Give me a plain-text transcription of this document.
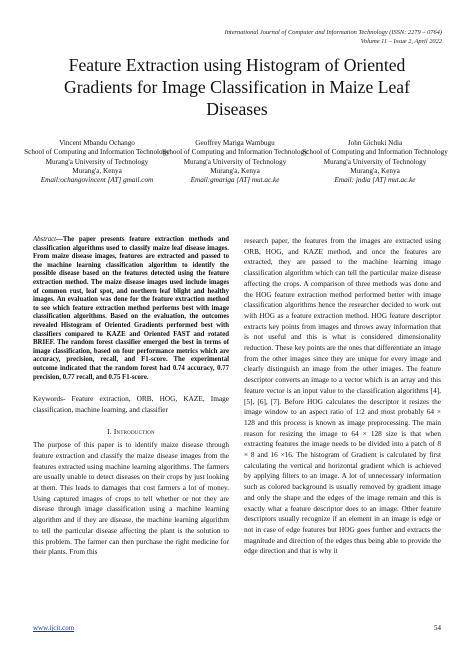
International Journal of Computer and Information Technology (ISSN: 2279 – 0764)
Volume 11 – Issue 2, April 2022
Feature Extraction using Histogram of Oriented Gradients for Image Classification in Maize Leaf Diseases
Vincent Mbandu Ochango
School of Computing and Information Technology
Murang'a University of Technology
Murang'a, Kenya
Email:ochangovincent [AT] gmail.com
Geoffrey Mariga Wambugu
School of Computing and Information Technology
Murang'a University of Technology
Murang'a, Kenya
Email:gmariga [AT] mut.ac.ke
John Gichuki Ndia
School of Computing and Information Technology
Murang'a University of Technology
Murang'a, Kenya
Email: jndia [AT] mut.ac.ke
Abstract—The paper presents feature extraction methods and classification algorithms used to classify maize leaf disease images. From maize disease images, features are extracted and passed to the machine learning classification algorithm to identify the possible disease based on the features detected using the feature extraction method. The maize disease images used include images of common rust, leaf spot, and northern leaf blight and healthy images. An evaluation was done for the feature extraction method to see which feature extraction method performs best with image classification algorithms. Based on the evaluation, the outcomes revealed Histogram of Oriented Gradients performed best with classifiers compared to KAZE and Oriented FAST and rotated BRIEF. The random forest classifier emerged the best in terms of image classification, based on four performance metrics which are accuracy, precision, recall, and F1-score. The experimental outcome indicated that the random forest had 0.74 accuracy, 0.77 precision, 0.77 recall, and 0.75 F1-score.
Keywords- Feature extraction, ORB, HOG, KAZE, Image classification, machine learning, and classifier
I. Introduction

The purpose of this paper is to identify maize disease through feature extraction and classify the maize disease images from the features extracted using machine learning algorithms. The farmers are usually unable to detect diseases on their crops by just looking at them. This leads to damages that cost farmers a lot of money. Using captured images of crops to tell whether or not they are disease through image classification using a machine learning algorithm and if they are disease, the machine learning algorithm to tell the particular disease affecting the plant is the solution to this problem. The farmer can then purchase the right medicine for their plants. From this

research paper, the features from the images are extracted using ORB, HOG, and KAZE method, and once the features are extracted, they are passed to the machine learning image classification algorithm which can tell the particular maize disease affecting the crops. A comparison of three methods was done and the HOG feature extraction method performed better with image classification algorithms hence the researcher decided to work out with HOG as a feature extraction method. HOG feature descriptor extracts key points from images and throws away information that is not useful and this is what is considered dimensionality reduction. These key points are the ones that differentiate an image from the other images since they are unique for every image and clearly distinguish an image from the other images. The feature descriptor converts an image to a vector which is an array and this feature vector is an input value to the classification algorithms [4], [5], [6], [7]. Before HOG calculates the descriptor it resizes the image window to an aspect ratio of 1:2 and most probably 64 × 128 and this process is known as image preprocessing. The main reason for resizing the image to 64 × 128 size is that when extracting features the image needs to be divided into a patch of 8 × 8 and 16 ×16. The histogram of Gradient is calculated by first calculating the vertical and horizontal gradient which is achieved by applying filters to an image. A lot of unnecessary information such as colored background is usually removed by gradient image and only the shape and the edges of the image remain and this is exactly what a feature descriptor does to an image. Other feature descriptors usually recognize if an element in an image is edge or not in case of edge features but HOG goes further and extracts the magnitude and direction of the edges thus being able to provide the edge direction and that is why it

www.ijcit.com	54
